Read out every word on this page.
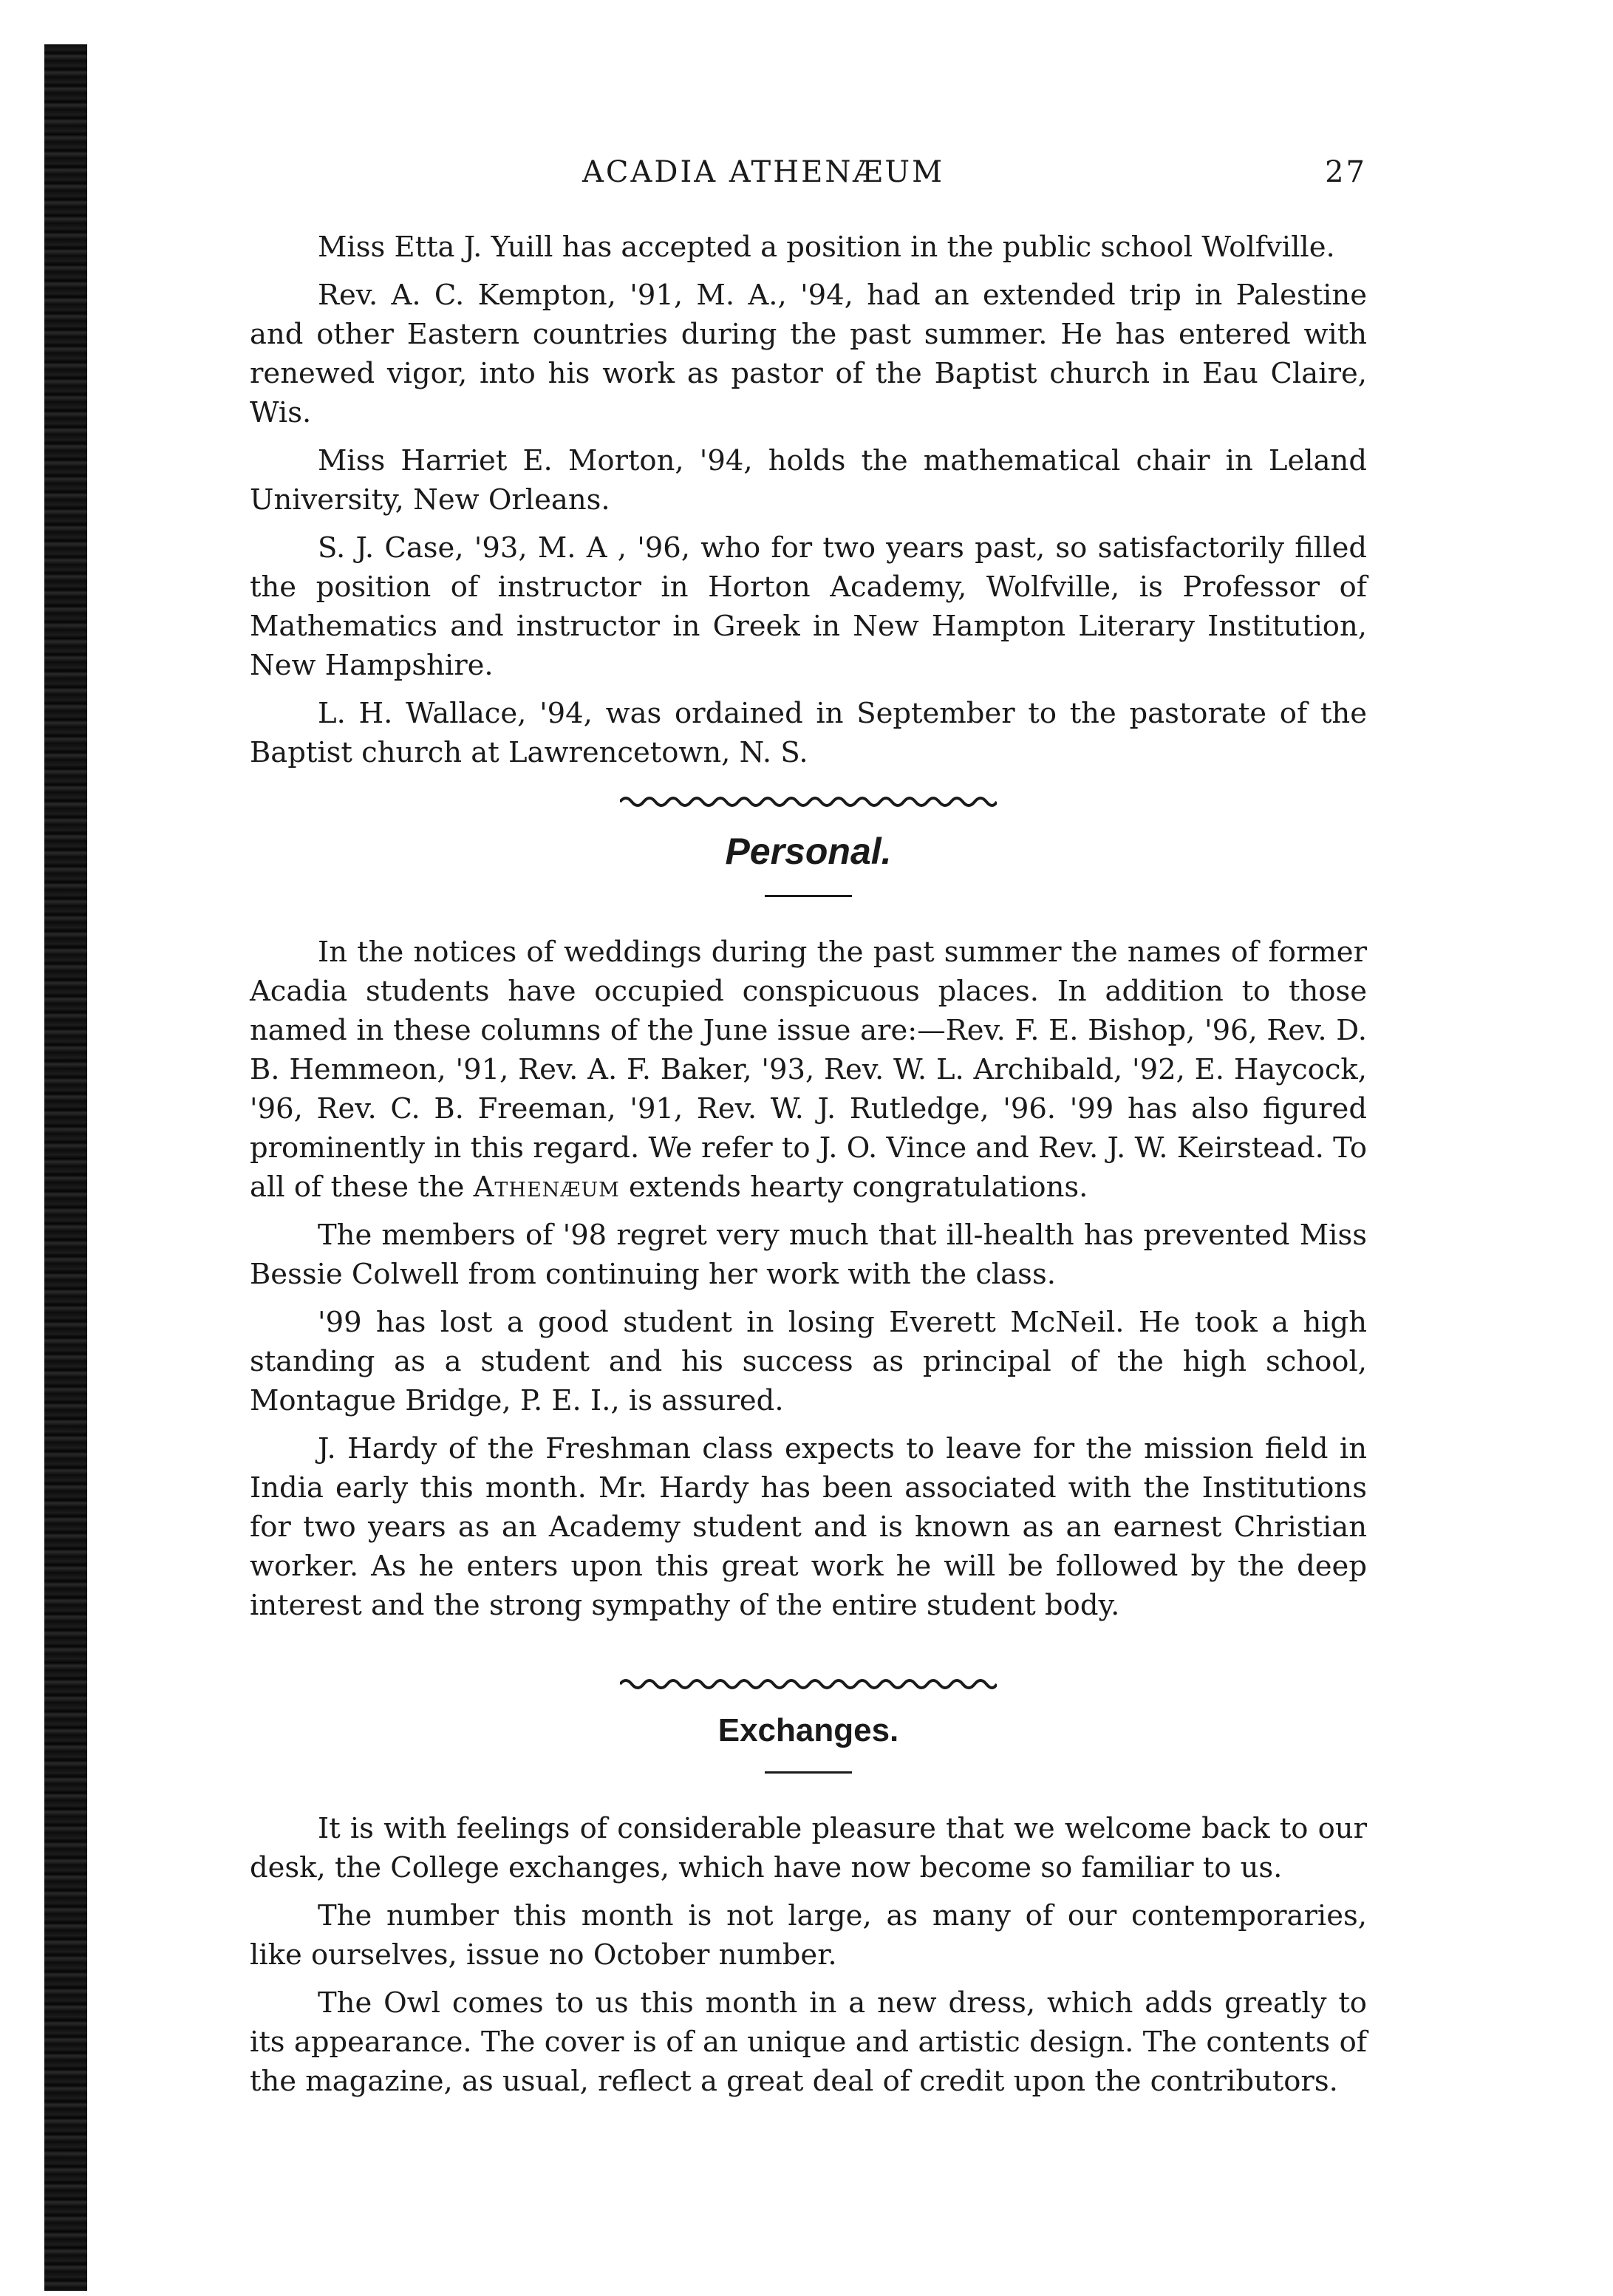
ACADIA ATHENÆUM	27

Miss Etta J. Yuill has accepted a position in the public school Wolfville.

Rev. A. C. Kempton, '91, M. A., '94, had an extended trip in Palestine and other Eastern countries during the past summer. He has entered with renewed vigor, into his work as pastor of the Baptist church in Eau Claire, Wis.

Miss Harriet E. Morton, '94, holds the mathematical chair in Leland University, New Orleans.

S. J. Case, '93, M. A , '96, who for two years past, so satisfactorily filled the position of instructor in Horton Academy, Wolfville, is Professor of Mathematics and instructor in Greek in New Hampton Literary Institution, New Hampshire.

L. H. Wallace, '94, was ordained in September to the pastorate of the Baptist church at Lawrencetown, N. S.

Personal.

In the notices of weddings during the past summer the names of former Acadia students have occupied conspicuous places. In addition to those named in these columns of the June issue are:—Rev. F. E. Bishop, '96, Rev. D. B. Hemmeon, '91, Rev. A. F. Baker, '93, Rev. W. L. Archibald, '92, E. Haycock, '96, Rev. C. B. Freeman, '91, Rev. W. J. Rutledge, '96. '99 has also figured prominently in this regard. We refer to J. O. Vince and Rev. J. W. Keirstead. To all of these the Athenæum extends hearty congratulations.

The members of '98 regret very much that ill-health has prevented Miss Bessie Colwell from continuing her work with the class.

'99 has lost a good student in losing Everett McNeil. He took a high standing as a student and his success as principal of the high school, Montague Bridge, P. E. I., is assured.

J. Hardy of the Freshman class expects to leave for the mission field in India early this month. Mr. Hardy has been associated with the Institutions for two years as an Academy student and is known as an earnest Christian worker. As he enters upon this great work he will be followed by the deep interest and the strong sympathy of the entire student body.

Exchanges.

It is with feelings of considerable pleasure that we welcome back to our desk, the College exchanges, which have now become so familiar to us.

The number this month is not large, as many of our contemporaries, like ourselves, issue no October number.

The Owl comes to us this month in a new dress, which adds greatly to its appearance. The cover is of an unique and artistic design. The contents of the magazine, as usual, reflect a great deal of credit upon the contributors.
